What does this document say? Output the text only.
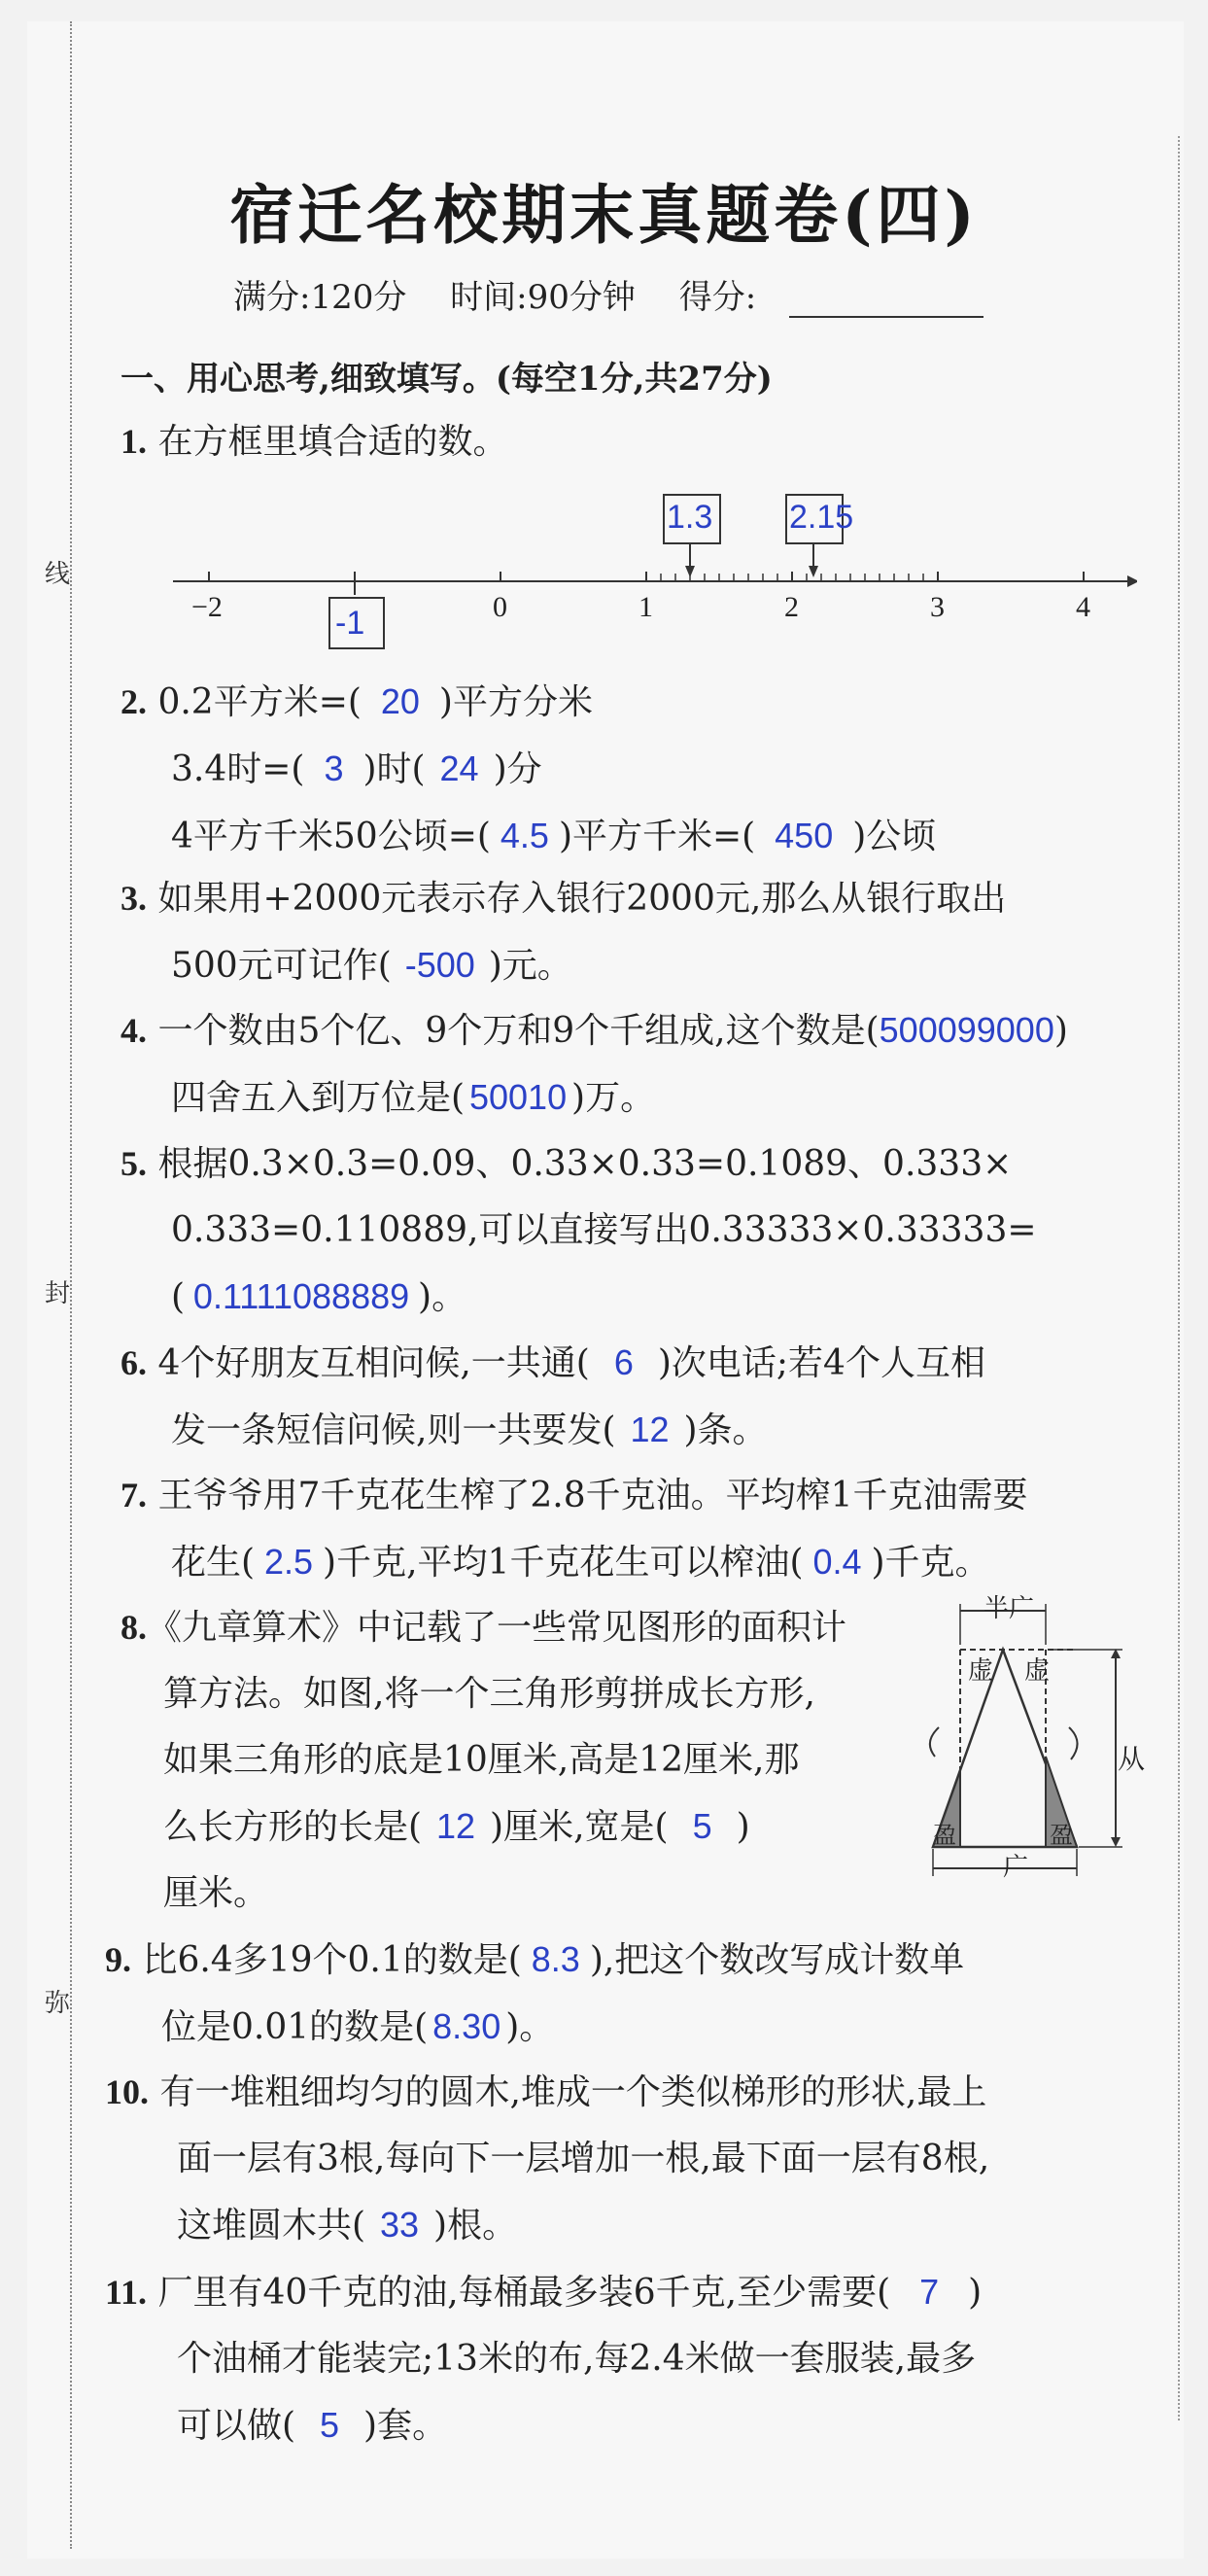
线
封
弥
宿迁名校期末真题卷(四)
满分:120分 时间:90分钟 得分:
一、用心思考,细致填写。(每空1分,共27分)
1. 在方框里填合适的数。
1.3 2.15
-1
−2	0	1	2	3	4
2. 0.2平方米=( 20 )平方分米
3.4时=( 3 )时( 24 )分
4平方千米50公顷=( 4.5 )平方千米=( 450 )公顷
3. 如果用+2000元表示存入银行2000元,那么从银行取出
500元可记作( -500 )元。
4. 一个数由5个亿、9个万和9个千组成,这个数是(500099000)
四舍五入到万位是( 50010 )万。
5. 根据0.3×0.3=0.09、0.33×0.33=0.1089、0.333×
0.333=0.110889,可以直接写出0.33333×0.33333=
( 0.1111088889 )。
6. 4个好朋友互相问候,一共通( 6 )次电话;若4个人互相
发一条短信问候,则一共要发( 12 )条。
7. 王爷爷用7千克花生榨了2.8千克油。平均榨1千克油需要
花生( 2.5 )千克,平均1千克花生可以榨油( 0.4 )千克。
8.《九章算术》中记载了一些常见图形的面积计
算方法。如图,将一个三角形剪拼成长方形,
如果三角形的底是10厘米,高是12厘米,那
么长方形的长是( 12 )厘米,宽是( 5 )
厘米。
半广
虚 虚
从
广
盈	盈
9. 比6.4多19个0.1的数是( 8.3 ),把这个数改写成计数单
位是0.01的数是( 8.30 )。
10. 有一堆粗细均匀的圆木,堆成一个类似梯形的形状,最上
面一层有3根,每向下一层增加一根,最下面一层有8根,
这堆圆木共( 33 )根。
11. 厂里有40千克的油,每桶最多装6千克,至少需要( 7 )
个油桶才能装完;13米的布,每2.4米做一套服装,最多
可以做( 5 )套。
